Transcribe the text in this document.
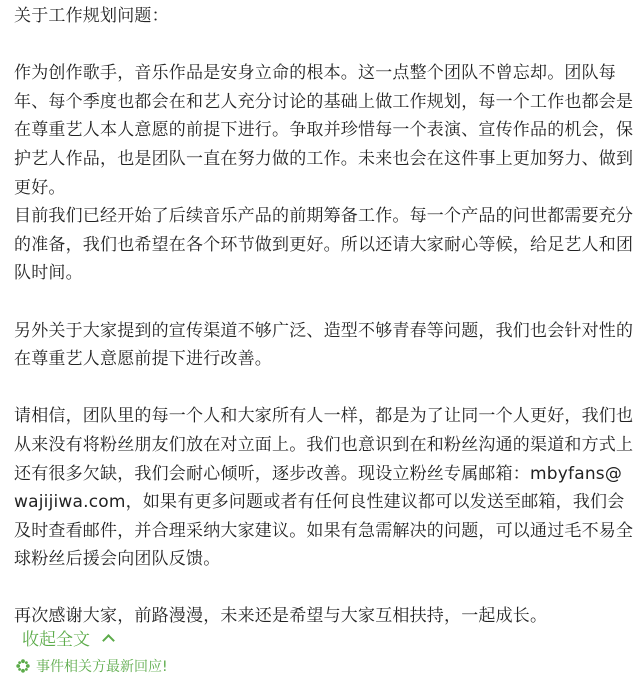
关于工作规划问题：

作为创作歌手，音乐作品是安身立命的根本。这一点整个团队不曾忘却。团队每年、每个季度也都会在和艺人充分讨论的基础上做工作规划，每一个工作也都会是在尊重艺人本人意愿的前提下进行。争取并珍惜每一个表演、宣传作品的机会，保护艺人作品，也是团队一直在努力做的工作。未来也会在这件事上更加努力、做到更好。

目前我们已经开始了后续音乐产品的前期筹备工作。每一个产品的问世都需要充分的准备，我们也希望在各个环节做到更好。所以还请大家耐心等候，给足艺人和团队时间。

另外关于大家提到的宣传渠道不够广泛、造型不够青春等问题，我们也会针对性的在尊重艺人意愿前提下进行改善。

请相信，团队里的每一个人和大家所有人一样，都是为了让同一个人更好，我们也从来没有将粉丝朋友们放在对立面上。我们也意识到在和粉丝沟通的渠道和方式上还有很多欠缺，我们会耐心倾听，逐步改善。现设立粉丝专属邮箱：mbyfans@wajijiwa.com，如果有更多问题或者有任何良性建议都可以发送至邮箱，我们会及时查看邮件，并合理采纳大家建议。如果有急需解决的问题，可以通过毛不易全球粉丝后援会向团队反馈。

再次感谢大家，前路漫漫，未来还是希望与大家互相扶持，一起成长。

收起全文
事件相关方最新回应!
